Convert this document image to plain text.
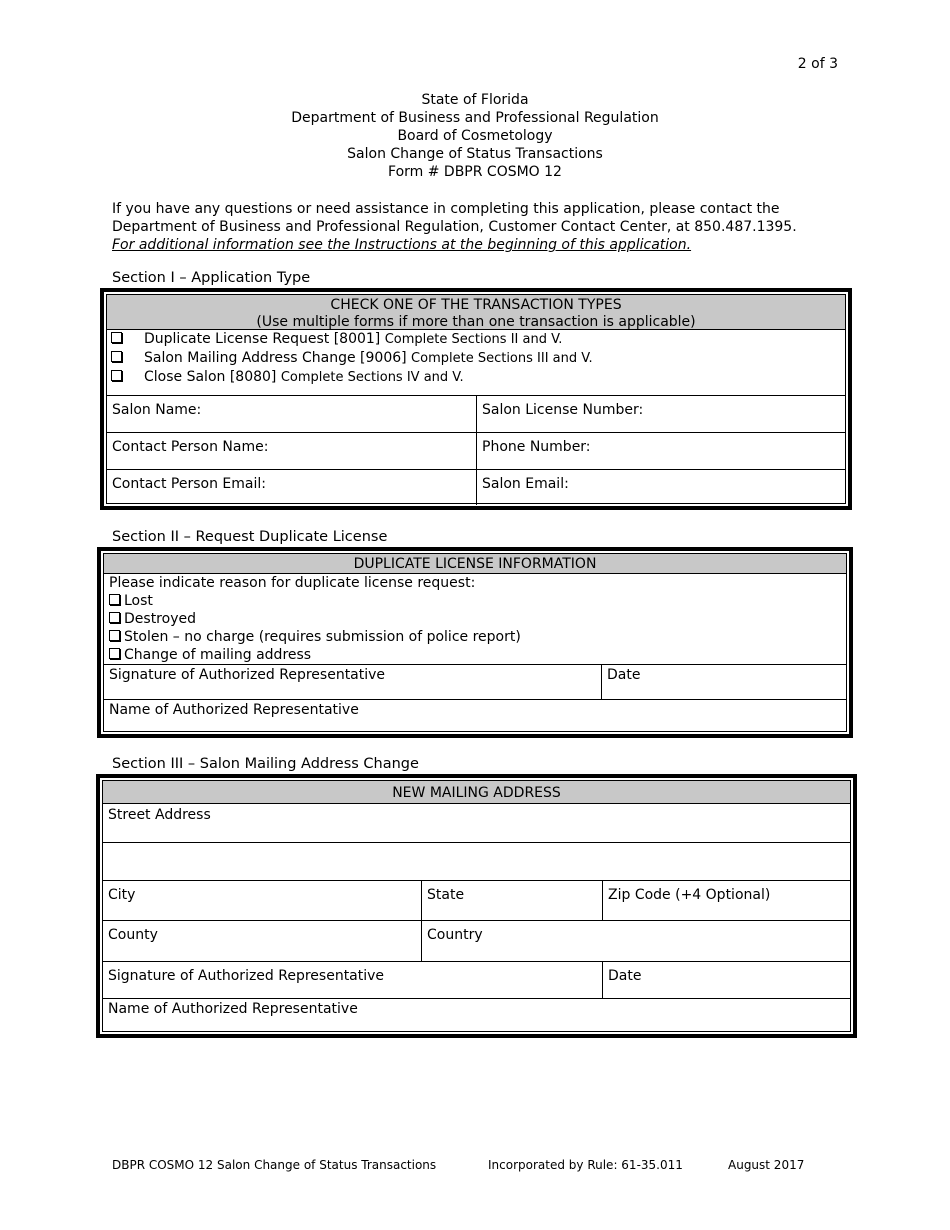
2 of 3
State of Florida
Department of Business and Professional Regulation
Board of Cosmetology
Salon Change of Status Transactions
Form # DBPR COSMO 12
If you have any questions or need assistance in completing this application, please contact the
Department of Business and Professional Regulation, Customer Contact Center, at 850.487.1395.
For additional information see the Instructions at the beginning of this application.
Section I – Application Type
CHECK ONE OF THE TRANSACTION TYPES
(Use multiple forms if more than one transaction is applicable)
Duplicate License Request [8001] Complete Sections II and V.
Salon Mailing Address Change [9006] Complete Sections III and V.
Close Salon [8080] Complete Sections IV and V.
Salon Name:	Salon License Number:
Contact Person Name:	Phone Number:
Contact Person Email:	Salon Email:
Section II – Request Duplicate License
DUPLICATE LICENSE INFORMATION
Please indicate reason for duplicate license request:
Lost
Destroyed
Stolen – no charge (requires submission of police report)
Change of mailing address
Signature of Authorized Representative	Date
Name of Authorized Representative
Section III – Salon Mailing Address Change
NEW MAILING ADDRESS
Street Address
City	State	Zip Code (+4 Optional)
County	Country
Signature of Authorized Representative	Date
Name of Authorized Representative
DBPR COSMO 12 Salon Change of Status Transactions	Incorporated by Rule: 61-35.011	August 2017
